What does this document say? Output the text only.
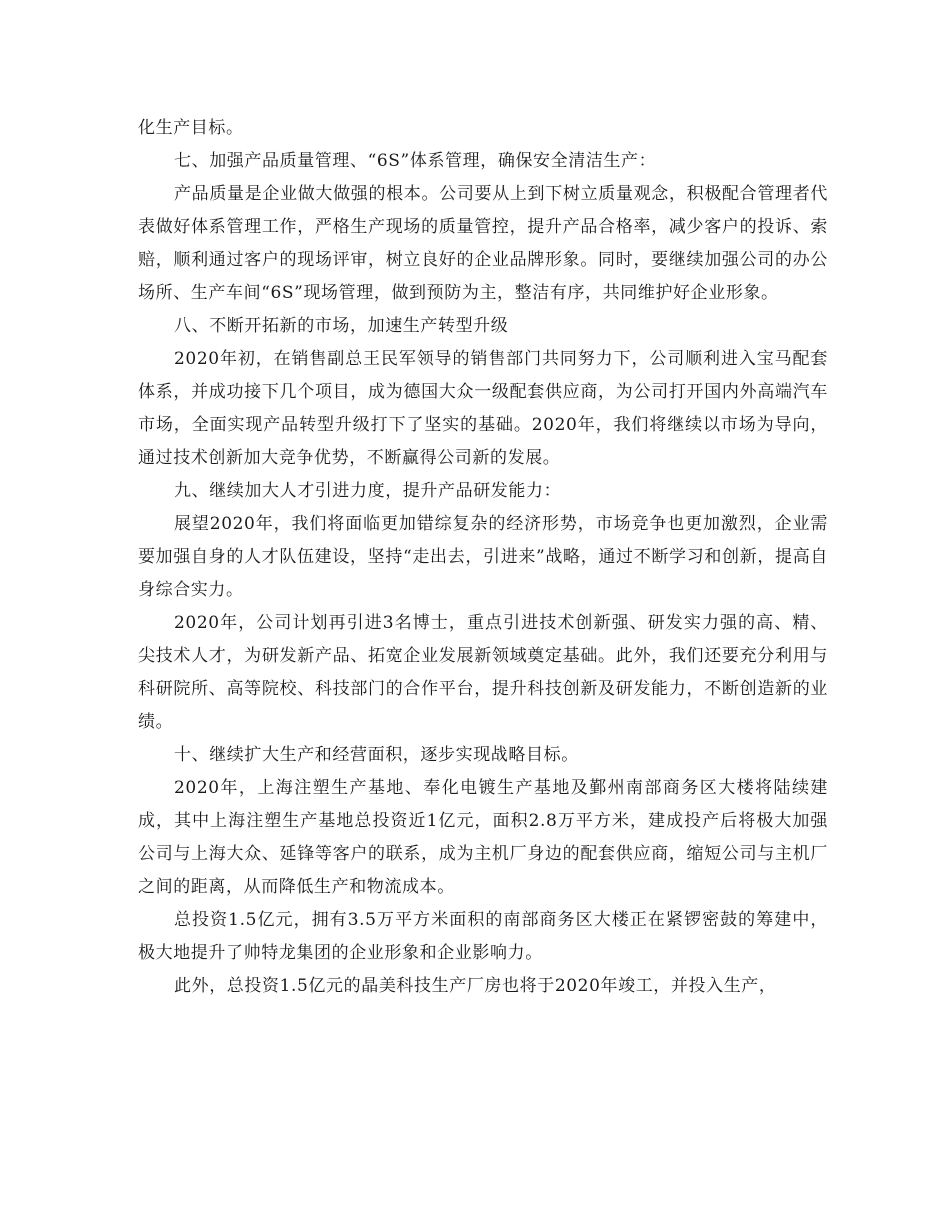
化生产目标。

七、加强产品质量管理、“6S”体系管理，确保安全清洁生产：

产品质量是企业做大做强的根本。公司要从上到下树立质量观念，积极配合管理者代表做好体系管理工作，严格生产现场的质量管控，提升产品合格率，减少客户的投诉、索赔，顺利通过客户的现场评审，树立良好的企业品牌形象。同时，要继续加强公司的办公场所、生产车间“6S”现场管理，做到预防为主，整洁有序，共同维护好企业形象。

八、不断开拓新的市场，加速生产转型升级

2020年初，在销售副总王民军领导的销售部门共同努力下，公司顺利进入宝马配套体系，并成功接下几个项目，成为德国大众一级配套供应商，为公司打开国内外高端汽车市场，全面实现产品转型升级打下了坚实的基础。2020年，我们将继续以市场为导向，通过技术创新加大竞争优势，不断赢得公司新的发展。

九、继续加大人才引进力度，提升产品研发能力：

展望2020年，我们将面临更加错综复杂的经济形势，市场竞争也更加激烈，企业需要加强自身的人才队伍建设，坚持“走出去，引进来”战略，通过不断学习和创新，提高自身综合实力。

2020年，公司计划再引进3名博士，重点引进技术创新强、研发实力强的高、精、尖技术人才，为研发新产品、拓宽企业发展新领域奠定基础。此外，我们还要充分利用与科研院所、高等院校、科技部门的合作平台，提升科技创新及研发能力，不断创造新的业绩。

十、继续扩大生产和经营面积，逐步实现战略目标。

2020年，上海注塑生产基地、奉化电镀生产基地及鄞州南部商务区大楼将陆续建成，其中上海注塑生产基地总投资近1亿元，面积2.8万平方米，建成投产后将极大加强公司与上海大众、延锋等客户的联系，成为主机厂身边的配套供应商，缩短公司与主机厂之间的距离，从而降低生产和物流成本。

总投资1.5亿元，拥有3.5万平方米面积的南部商务区大楼正在紧锣密鼓的筹建中，极大地提升了帅特龙集团的企业形象和企业影响力。

此外，总投资1.5亿元的晶美科技生产厂房也将于2020年竣工，并投入生产，
